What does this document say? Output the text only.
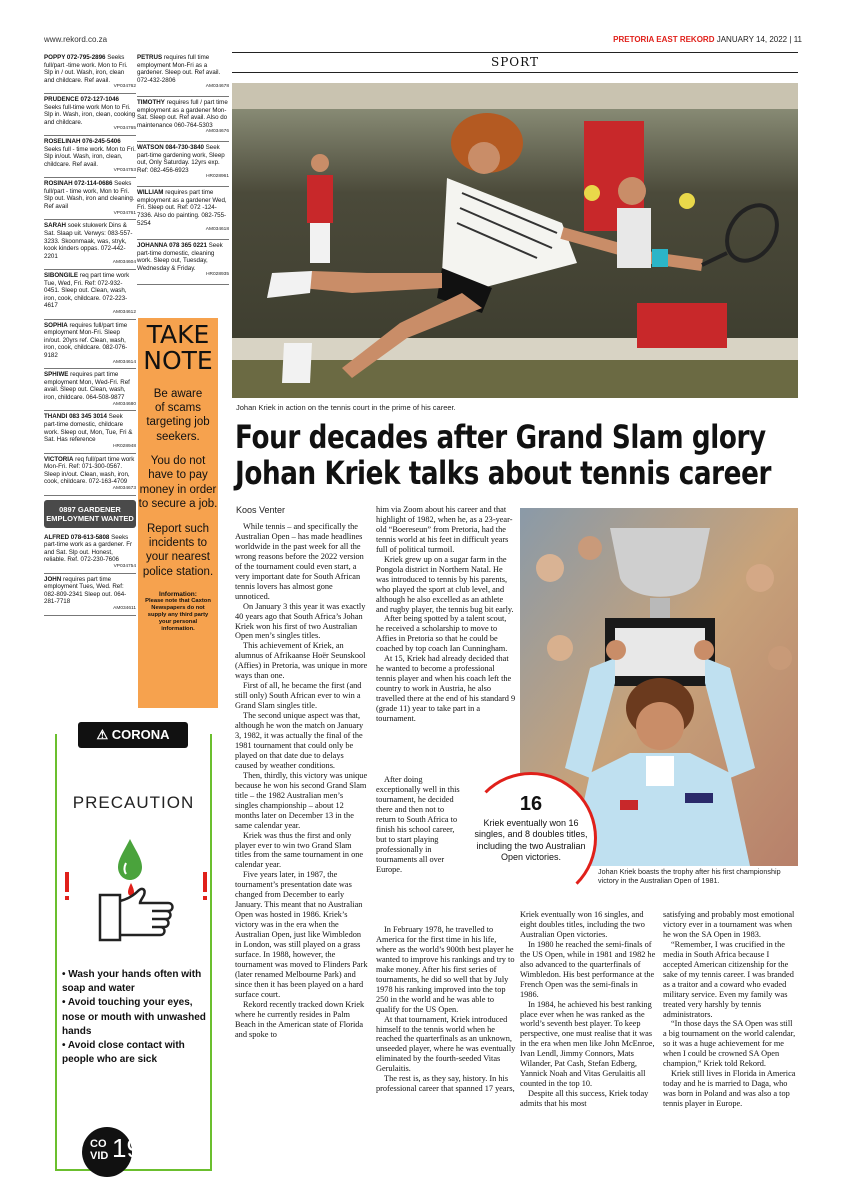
www.rekord.co.za	PRETORIA EAST REKORD JANUARY 14, 2022 | 11
POPPY 072-795-2896 Seeks full/part -time work. Mon to Fri. Slp in / out. Wash, iron, clean and childcare. Ref avail.
VP034762
PRUDENCE 072-127-1046 Seeks full-time work Mon to Fri. Slp in. Wash, iron, clean, cooking and childcare.
VP034765
ROSELINAH 076-245-5406 Seeks full - time work. Mon to Fri. Slp in/out. Wash, iron, clean, childcare. Ref avail.
VP034753
ROSINAH 072-114-0686 Seeks full/part - time work, Mon to Fri. Slp out. Wash, iron and cleaning. Ref avail
VP034761
SARAH soek stukwerk Dins & Sat. Slaap uit. Verwys: 083-557-3233. Skoonmaak, was, stryk, kook kinders oppas. 072-442-2201
AM034604
SIBONGILE req part time work Tue, Wed, Fri. Ref: 072-932-0451. Sleep out. Clean, wash, iron, cook, childcare. 072-223-4617
AM034612
SOPHIA requires full/part time employment Mon-Fri. Sleep in/out. 20yrs ref. Clean, wash, iron, cook, childcare. 082-076-9182
AM034614
SPHIWE requires part time employment Mon, Wed-Fri. Ref avail. Sleep out. Clean, wash, iron, childcare. 064-508-9877
AM034680
THANDI 083 345 3014 Seek part-time domestic, childcare work. Sleep out, Mon, Tue, Fri & Sat. Has reference
HR028948
VICTORIA req full/part time work Mon-Fri. Ref: 071-300-0567. Sleep in/out. Clean, wash, iron, cook, childcare. 072-163-4709
AM034673
0897 GARDENER EMPLOYMENT WANTED
ALFRED 078-613-5808 Seeks part-time work as a gardener. Fr and Sat. Slp out. Honest, reliable. Ref. 072-230-7606
VP034754
JOHN requires part time employment Tues, Wed. Ref: 082-809-2341 Sleep out. 064-281-7718
AM034611
PETRUS requires full time employment Mon-Fri as a gardener. Sleep out. Ref avail. 072-432-2806
AM034678
TIMOTHY requires full / part time employment as a gardener Mon-Sat. Sleep out. Ref avail. Also do maintenance 060-764-5303
AM034676
WATSON 084-730-3840 Seek part-time gardening work, Sleep out, Only Saturday. 12yrs exp. Ref: 082-456-6923
HR028961
WILLIAM requires part time employment as a gardener Wed, Fri. Sleep out. Ref: 072 -124-7336. Also do painting. 082-755-5254
AM034618
JOHANNA 078 365 0221 Seek part-time domestic, cleaning work. Sleep out, Tuesday, Wednesday & Friday.
HR028935
TAKE
NOTE
Be aware
of scams
targeting job
seekers.
You do not
have to pay
money in order
to secure a job.
Report such
incidents to
your nearest
police station.
Information:
Please note that Caxton Newspapers do not supply any third party your personal information.
⚠ CORONA
PRECAUTION
• Wash your hands often with soap and water
• Avoid touching your eyes, nose or mouth with unwashed hands
• Avoid close contact with people who are sick
CO
VID 19
SPORT
Johan Kriek in action on the tennis court in the prime of his career.
Four decades after Grand Slam glory
Johan Kriek talks about tennis career
Koos Venter

While tennis – and specifically the Australian Open – has made headlines worldwide in the past week for all the wrong reasons before the 2022 version of the tournament could even start, a very important date for South African tennis lovers has almost gone unnoticed.

On January 3 this year it was exactly 40 years ago that South Africa’s Johan Kriek won his first of two Australian Open men’s singles titles.

This achievement of Kriek, an alumnus of Afrikaanse Hoër Seunskool (Affies) in Pretoria, was unique in more ways than one.

First of all, he became the first (and still only) South African ever to win a Grand Slam singles title.

The second unique aspect was that, although he won the match on January 3, 1982, it was actually the final of the 1981 tournament that could only be played on that date due to delays caused by weather conditions.

Then, thirdly, this victory was unique because he won his second Grand Slam title – the 1982 Australian men’s singles championship – about 12 months later on December 13 in the same calendar year.

Kriek was thus the first and only player ever to win two Grand Slam titles from the same tournament in one calendar year.

Five years later, in 1987, the tournament’s presentation date was changed from December to early January. This meant that no Australian Open was hosted in 1986. Kriek’s victory was in the era when the Australian Open, just like Wimbledon in London, was still played on a grass surface. In 1988, however, the tournament was moved to Flinders Park (later renamed Melbourne Park) and since then it has been played on a hard surface court.

Rekord recently tracked down Kriek where he currently resides in Palm Beach in the American state of Florida and spoke to

him via Zoom about his career and that highlight of 1982, when he, as a 23-year-old “Boereseun” from Pretoria, had the tennis world at his feet in difficult years full of political turmoil.

Kriek grew up on a sugar farm in the Pongola district in Northern Natal. He was introduced to tennis by his parents, who played the sport at club level, and although he also excelled as an athlete and rugby player, the tennis bug bit early.

After being spotted by a talent scout, he received a scholarship to move to Affies in Pretoria so that he could be coached by top coach Ian Cunningham.

At 15, Kriek had already decided that he wanted to become a professional tennis player and when his coach left the country to work in Austria, he also travelled there at the end of his standard 9 (grade 11) year to take part in a tournament.

After doing exceptionally well in this tournament, he decided there and then not to return to South Africa to finish his school career, but to start playing professionally in tournaments all over Europe.

In February 1978, he travelled to America for the first time in his life, where as the world’s 900th best player he wanted to improve his rankings and try to make money. After his first series of tournaments, he did so well that by July 1978 his ranking improved into the top 250 in the world and he was able to qualify for the US Open.

At that tournament, Kriek introduced himself to the tennis world when he reached the quarterfinals as an unknown, unseeded player, where he was eventually eliminated by the fourth-seeded Vitas Gerulaitis.

The rest is, as they say, history. In his professional career that spanned 17 years,

Kriek eventually won 16 singles, and eight doubles titles, including the two Australian Open victories.

In 1980 he reached the semi-finals of the US Open, while in 1981 and 1982 he also advanced to the quarterfinals of Wimbledon. His best performance at the French Open was the semi-finals in 1986.

In 1984, he achieved his best ranking place ever when he was ranked as the world’s seventh best player. To keep perspective, one must realise that it was in the era when men like John McEnroe, Ivan Lendl, Jimmy Connors, Mats Wilander, Pat Cash, Stefan Edberg, Yannick Noah and Vitas Gerulaitis all counted in the top 10.

Despite all this success, Kriek today admits that his most

satisfying and probably most emotional victory ever in a tournament was when he won the SA Open in 1983.

“Remember, I was crucified in the media in South Africa because I accepted American citizenship for the sake of my tennis career. I was branded as a traitor and a coward who evaded military service. Even my family was treated very harshly by tennis administrators.

“In those days the SA Open was still a big tournament on the world calendar, so it was a huge achievement for me when I could be crowned SA Open champion,” Kriek told Rekord.

Kriek still lives in Florida in America today and he is married to Daga, who was born in Poland and was also a top tennis player in Europe.

Johan Kriek boasts the trophy after his first championship victory in the Australian Open of 1981.
16
Kriek eventually won 16 singles, and 8 doubles titles, including the two Australian Open victories.
